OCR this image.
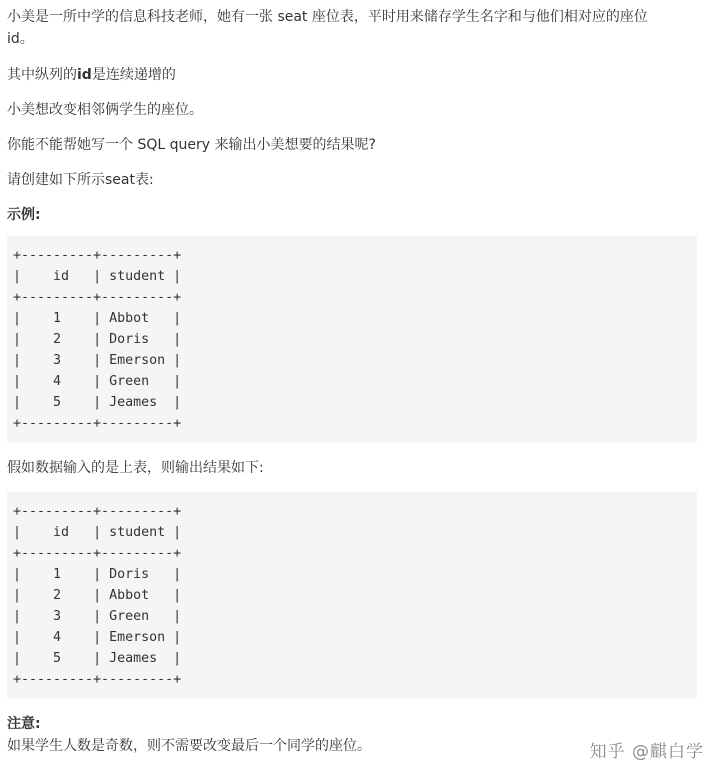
小美是一所中学的信息科技老师，她有一张 seat 座位表，平时用来储存学生名字和与他们相对应的座位
id。

其中纵列的id是连续递增的

小美想改变相邻俩学生的座位。

你能不能帮她写一个 SQL query 来输出小美想要的结果呢?

请创建如下所示seat表:

示例:
+---------+---------+
|    id   | student |
+---------+---------+
|    1    | Abbot   |
|    2    | Doris   |
|    3    | Emerson |
|    4    | Green   |
|    5    | Jeames  |
+---------+---------+

假如数据输入的是上表，则输出结果如下:

+---------+---------+
|    id   | student |
+---------+---------+
|    1    | Doris   |
|    2    | Abbot   |
|    3    | Green   |
|    4    | Emerson |
|    5    | Jeames  |
+---------+---------+
注意:

如果学生人数是奇数，则不需要改变最后一个同学的座位。	知乎 @麒白学
